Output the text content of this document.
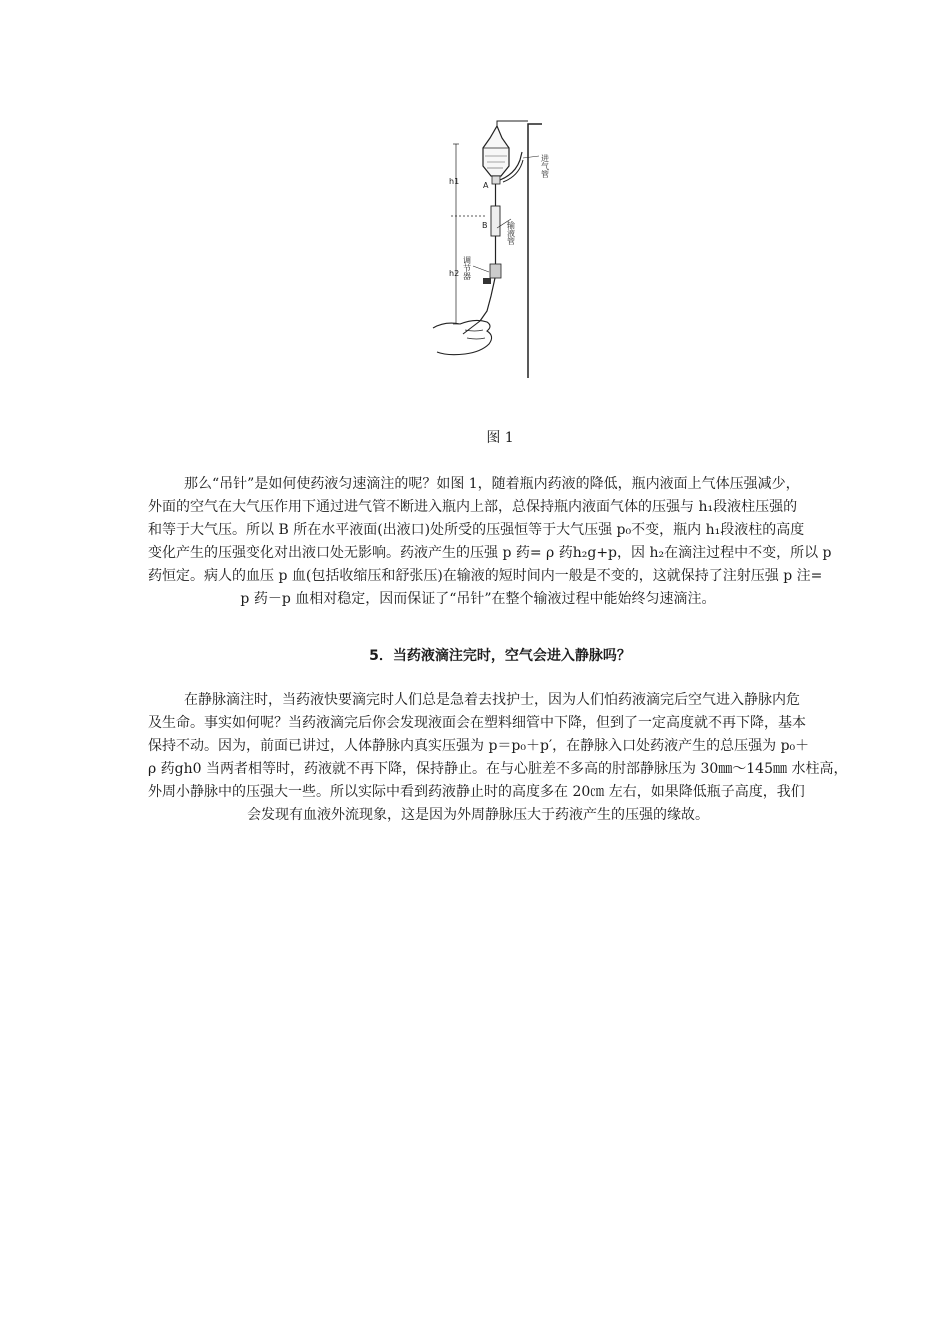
h1
h2
A
B
进气管
输液管
调节器
图 1

那么“吊针”是如何使药液匀速滴注的呢？如图 1，随着瓶内药液的降低，瓶内液面上气体压强减少，
外面的空气在大气压作用下通过进气管不断进入瓶内上部，总保持瓶内液面气体的压强与 h₁段液柱压强的
和等于大气压。所以 B 所在水平液面(出液口)处所受的压强恒等于大气压强 p₀不变，瓶内 h₁段液柱的高度
变化产生的压强变化对出液口处无影响。药液产生的压强 p 药= ρ 药h₂g+p，因 h₂在滴注过程中不变，所以 p
药恒定。病人的血压 p 血(包括收缩压和舒张压)在输液的短时间内一般是不变的，这就保持了注射压强 p 注=
p 药－p 血相对稳定，因而保证了“吊针”在整个输液过程中能始终匀速滴注。

5．当药液滴注完时，空气会进入静脉吗？

在静脉滴注时，当药液快要滴完时人们总是急着去找护士，因为人们怕药液滴完后空气进入静脉内危
及生命。事实如何呢？当药液滴完后你会发现液面会在塑料细管中下降，但到了一定高度就不再下降，基本
保持不动。因为，前面已讲过，人体静脉内真实压强为 p＝p₀＋p′，在静脉入口处药液产生的总压强为 p₀＋
ρ 药gh0 当两者相等时，药液就不再下降，保持静止。在与心脏差不多高的肘部静脉压为 30㎜～145㎜ 水柱高，
外周小静脉中的压强大一些。所以实际中看到药液静止时的高度多在 20㎝ 左右，如果降低瓶子高度，我们
会发现有血液外流现象，这是因为外周静脉压大于药液产生的压强的缘故。
